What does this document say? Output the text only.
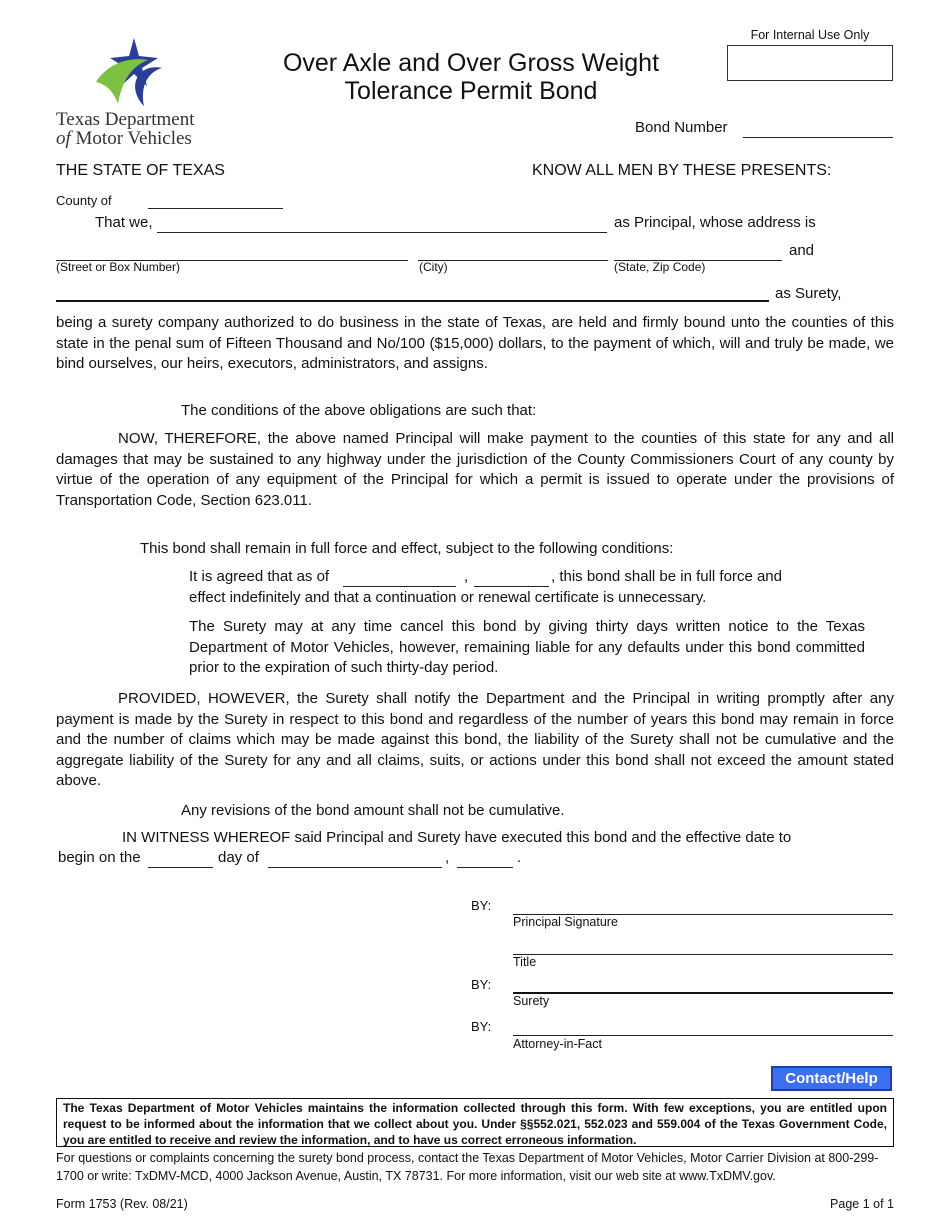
Texas Department
of Motor Vehicles
Over Axle and Over Gross Weight
Tolerance Permit Bond
For Internal Use Only
Bond Number
THE STATE OF TEXAS	KNOW ALL MEN BY THESE PRESENTS:
County of
That we,	as Principal, whose address is
and
(Street or Box Number)	(City)	(State, Zip Code)
as Surety,
being a surety company authorized to do business in the state of Texas, are held and firmly bound unto the counties of this state in the penal sum of Fifteen Thousand and No/100 ($15,000) dollars, to the payment of which, will and truly be made, we bind ourselves, our heirs, executors, administrators, and assigns.
The conditions of the above obligations are such that:
NOW, THEREFORE, the above named Principal will make payment to the counties of this state for any and all damages that may be sustained to any highway under the jurisdiction of the County Commissioners Court of any county by virtue of the operation of any equipment of the Principal for which a permit is issued to operate under the provisions of Transportation Code, Section 623.011.
This bond shall remain in full force and effect, subject to the following conditions:
It is agreed that as of	,	, this bond shall be in full force and
effect indefinitely and that a continuation or renewal certificate is unnecessary.
The Surety may at any time cancel this bond by giving thirty days written notice to the Texas Department of Motor Vehicles, however, remaining liable for any defaults under this bond committed prior to the expiration of such thirty-day period.
PROVIDED, HOWEVER, the Surety shall notify the Department and the Principal in writing promptly after any payment is made by the Surety in respect to this bond and regardless of the number of years this bond may remain in force and the number of claims which may be made against this bond, the liability of the Surety shall not be cumulative and the aggregate liability of the Surety for any and all claims, suits, or actions under this bond shall not exceed the amount stated above.
Any revisions of the bond amount shall not be cumulative.
IN WITNESS WHEREOF said Principal and Surety have executed this bond and the effective date to
begin on the	day of	,	.
BY:
Principal Signature
Title
BY:
Surety
BY:
Attorney-in-Fact
Contact/Help
The Texas Department of Motor Vehicles maintains the information collected through this form. With few exceptions, you are entitled upon request to be informed about the information that we collect about you. Under §§552.021, 552.023 and 559.004 of the Texas Government Code, you are entitled to receive and review the information, and to have us correct erroneous information.
For questions or complaints concerning the surety bond process, contact the Texas Department of Motor Vehicles, Motor Carrier Division at 800-299-1700 or write: TxDMV-MCD, 4000 Jackson Avenue, Austin, TX 78731. For more information, visit our web site at www.TxDMV.gov.
Form 1753 (Rev. 08/21)	Page 1 of 1
